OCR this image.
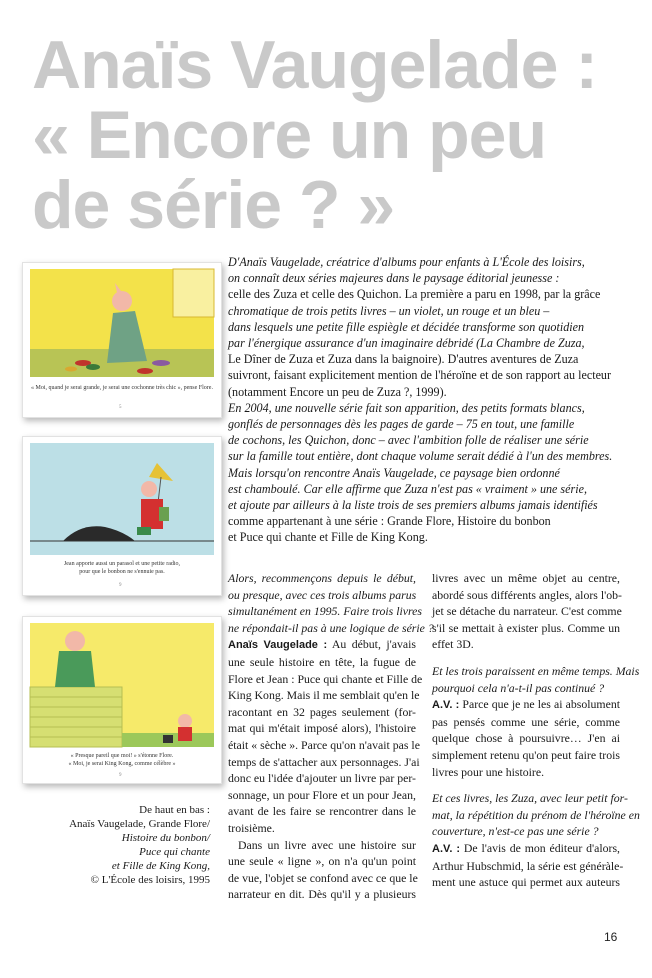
Anaïs Vaugelade :
« Encore un peu
de série ? »
« Moi, quand je serai grande, je serai une cochonne très chic », pense Flore.
5
Jean apporte aussi un parasol et une petite radio,
pour que le bonbon ne s'ennuie pas.
9
« Presque pareil que moi! » s'étonne Flore.
« Moi, je serai King Kong, comme célèbre »
9
De haut en bas :
Anaïs Vaugelade, Grande Flore/
Histoire du bonbon/
Puce qui chante
et Fille de King Kong,
© L'École des loisirs, 1995
D'Anaïs Vaugelade, créatrice d'albums pour enfants à L'École des loisirs,
on connaît deux séries majeures dans le paysage éditorial jeunesse :
celle des Zuza et celle des Quichon. La première a paru en 1998, par la grâce
chromatique de trois petits livres – un violet, un rouge et un bleu –
dans lesquels une petite fille espiègle et décidée transforme son quotidien
par l'énergique assurance d'un imaginaire débridé (La Chambre de Zuza,
Le Dîner de Zuza et Zuza dans la baignoire). D'autres aventures de Zuza
suivront, faisant explicitement mention de l'héroïne et de son rapport au lecteur
(notamment Encore un peu de Zuza ?, 1999).
En 2004, une nouvelle série fait son apparition, des petits formats blancs,
gonflés de personnages dès les pages de garde – 75 en tout, une famille
de cochons, les Quichon, donc – avec l'ambition folle de réaliser une série
sur la famille tout entière, dont chaque volume serait dédié à l'un des membres.
Mais lorsqu'on rencontre Anaïs Vaugelade, ce paysage bien ordonné
est chamboulé. Car elle affirme que Zuza n'est pas « vraiment » une série,
et ajoute par ailleurs à la liste trois de ses premiers albums jamais identifiés
comme appartenant à une série : Grande Flore, Histoire du bonbon
et Puce qui chante et Fille de King Kong.
Alors, recommençons depuis le début,
ou presque, avec ces trois albums parus
simultanément en 1995. Faire trois livres
ne répondait-il pas à une logique de série ?
Anaïs Vaugelade : Au début, j'avais
une seule histoire en tête, la fugue de
Flore et Jean : Puce qui chante et Fille de
King Kong. Mais il me semblait qu'en le
racontant en 32 pages seulement (for-
mat qui m'était imposé alors), l'histoire
était « sèche ». Parce qu'on n'avait pas le
temps de s'attacher aux personnages. J'ai
donc eu l'idée d'ajouter un livre par per-
sonnage, un pour Flore et un pour Jean,
avant de les faire se rencontrer dans le
troisième.
Dans un livre avec une histoire sur
une seule « ligne », on n'a qu'un point
de vue, l'objet se confond avec ce que le
narrateur en dit. Dès qu'il y a plusieurs
livres avec un même objet au centre,
abordé sous différents angles, alors l'ob-
jet se détache du narrateur. C'est comme
s'il se mettait à exister plus. Comme un
effet 3D.
Et les trois paraissent en même temps. Mais
pourquoi cela n'a-t-il pas continué ?
A.V. : Parce que je ne les ai absolument
pas pensés comme une série, comme
quelque chose à poursuivre… J'en ai
simplement retenu qu'on peut faire trois
livres pour une histoire.
Et ces livres, les Zuza, avec leur petit for-
mat, la répétition du prénom de l'héroïne en
couverture, n'est-ce pas une série ?
A.V. : De l'avis de mon éditeur d'alors,
Arthur Hubschmid, la série est généràle-
ment une astuce qui permet aux auteurs
16
